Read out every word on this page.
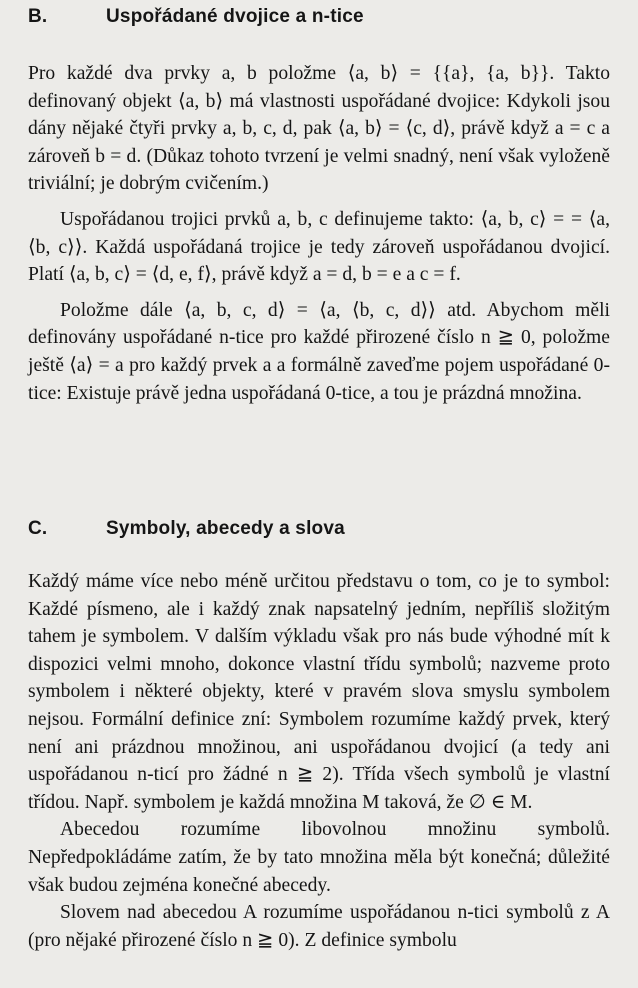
B.	Uspořádané dvojice a n-tice

Pro každé dva prvky a, b položme ⟨a, b⟩ = {{a}, {a, b}}. Takto definovaný objekt ⟨a, b⟩ má vlastnosti uspořádané dvojice: Kdykoli jsou dány nějaké čtyři prvky a, b, c, d, pak ⟨a, b⟩ = ⟨c, d⟩, právě když a = c a zároveň b = d. (Důkaz tohoto tvrzení je velmi snadný, není však vyloženě triviální; je dobrým cvičením.)

Uspořádanou trojici prvků a, b, c definujeme takto: ⟨a, b, c⟩ = = ⟨a, ⟨b, c⟩⟩. Každá uspořádaná trojice je tedy zároveň uspořádanou dvojicí. Platí ⟨a, b, c⟩ = ⟨d, e, f⟩, právě když a = d, b = e a c = f.

Položme dále ⟨a, b, c, d⟩ = ⟨a, ⟨b, c, d⟩⟩ atd. Abychom měli definovány uspořádané n-tice pro každé přirozené číslo n ≧ 0, položme ještě ⟨a⟩ = a pro každý prvek a a formálně zaveďme pojem uspořádané 0-tice: Existuje právě jedna uspořádaná 0-tice, a tou je prázdná množina.

C.	Symboly, abecedy a slova

Každý máme více nebo méně určitou představu o tom, co je to symbol: Každé písmeno, ale i každý znak napsatelný jedním, nepříliš složitým tahem je symbolem. V dalším výkladu však pro nás bude výhodné mít k dispozici velmi mnoho, dokonce vlastní třídu symbolů; nazveme proto symbolem i některé objekty, které v pravém slova smyslu symbolem nejsou. Formální definice zní: Symbolem rozumíme každý prvek, který není ani prázdnou množinou, ani uspořádanou dvojicí (a tedy ani uspořádanou n-ticí pro žádné n ≧ 2). Třída všech symbolů je vlastní třídou. Např. symbolem je každá množina M taková, že ∅ ∈ M.

Abecedou rozumíme libovolnou množinu symbolů. Nepředpokládáme zatím, že by tato množina měla být konečná; důležité však budou zejména konečné abecedy.

Slovem nad abecedou A rozumíme uspořádanou n-tici symbolů z A (pro nějaké přirozené číslo n ≧ 0). Z definice symbolu
